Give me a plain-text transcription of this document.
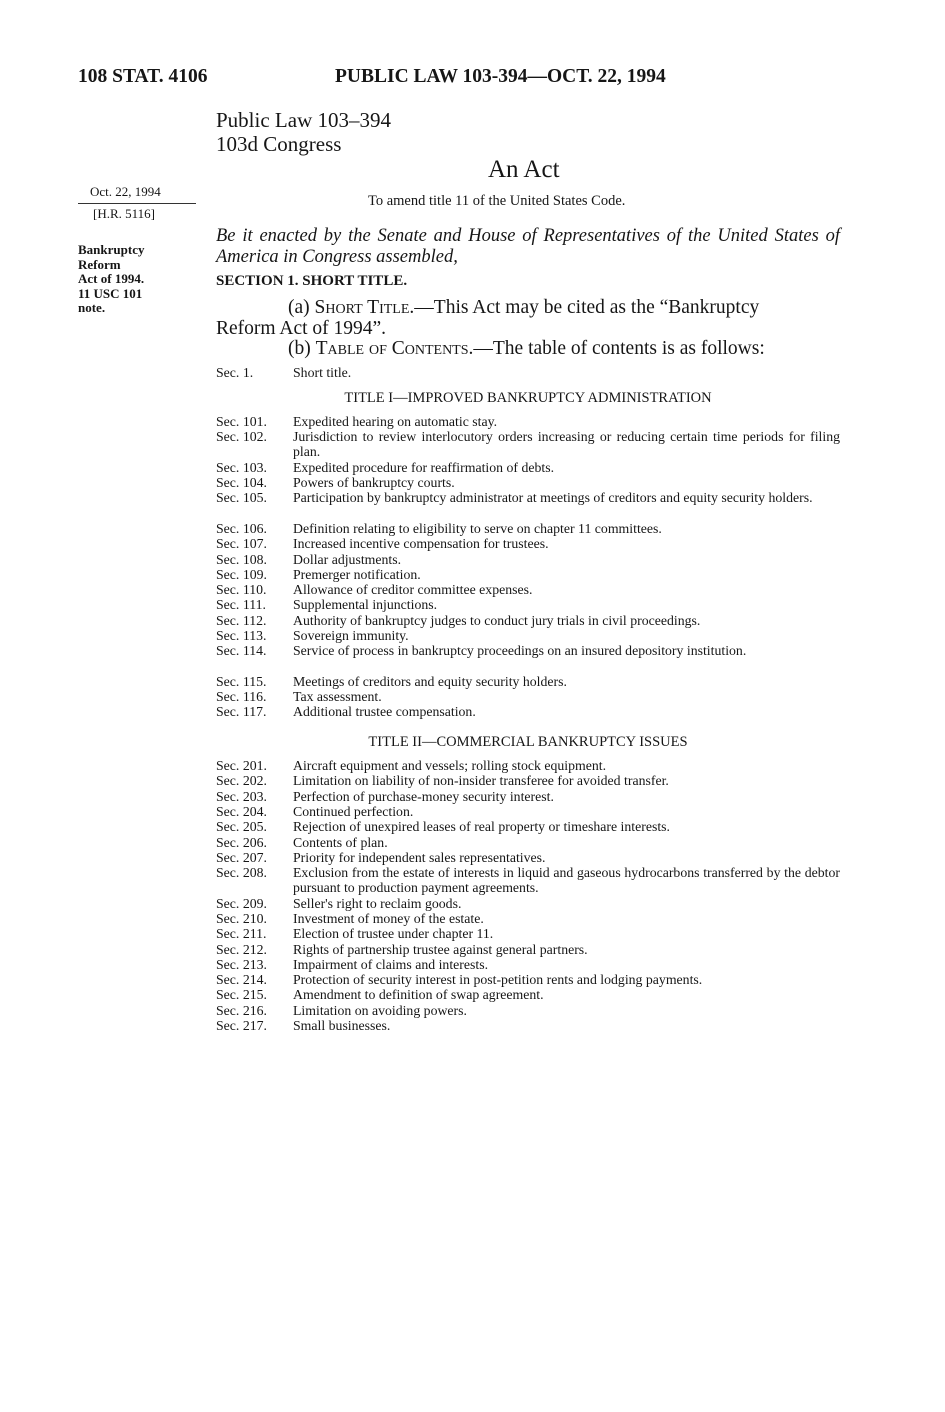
108 STAT. 4106	PUBLIC LAW 103-394—OCT. 22, 1994
Public Law 103–394
103d Congress
An Act
Oct. 22, 1994
[H.R. 5116]
Bankruptcy
Reform
Act of 1994.
11 USC 101
note.
To amend title 11 of the United States Code.
Be it enacted by the Senate and House of Representatives of the United States of America in Congress assembled,
SECTION 1. SHORT TITLE.
(a) Short Title.—This Act may be cited as the “Bankruptcy
Reform Act of 1994”.
(b) Table of Contents.—The table of contents is as follows:
Sec. 1.	Short title.
TITLE I—IMPROVED BANKRUPTCY ADMINISTRATION
Sec. 101. Expedited hearing on automatic stay.
Sec. 102. Jurisdiction to review interlocutory orders increasing or reducing certain time periods for filing plan.
Sec. 103. Expedited procedure for reaffirmation of debts.
Sec. 104. Powers of bankruptcy courts.
Sec. 105. Participation by bankruptcy administrator at meetings of creditors and equity security holders.
Sec. 106. Definition relating to eligibility to serve on chapter 11 committees.
Sec. 107. Increased incentive compensation for trustees.
Sec. 108. Dollar adjustments.
Sec. 109. Premerger notification.
Sec. 110. Allowance of creditor committee expenses.
Sec. 111. Supplemental injunctions.
Sec. 112. Authority of bankruptcy judges to conduct jury trials in civil proceedings.
Sec. 113. Sovereign immunity.
Sec. 114. Service of process in bankruptcy proceedings on an insured depository institution.
Sec. 115. Meetings of creditors and equity security holders.
Sec. 116. Tax assessment.
Sec. 117. Additional trustee compensation.
TITLE II—COMMERCIAL BANKRUPTCY ISSUES
Sec. 201. Aircraft equipment and vessels; rolling stock equipment.
Sec. 202. Limitation on liability of non-insider transferee for avoided transfer.
Sec. 203. Perfection of purchase-money security interest.
Sec. 204. Continued perfection.
Sec. 205. Rejection of unexpired leases of real property or timeshare interests.
Sec. 206. Contents of plan.
Sec. 207. Priority for independent sales representatives.
Sec. 208. Exclusion from the estate of interests in liquid and gaseous hydrocarbons transferred by the debtor pursuant to production payment agreements.
Sec. 209. Seller's right to reclaim goods.
Sec. 210. Investment of money of the estate.
Sec. 211. Election of trustee under chapter 11.
Sec. 212. Rights of partnership trustee against general partners.
Sec. 213. Impairment of claims and interests.
Sec. 214. Protection of security interest in post-petition rents and lodging payments.
Sec. 215. Amendment to definition of swap agreement.
Sec. 216. Limitation on avoiding powers.
Sec. 217. Small businesses.
